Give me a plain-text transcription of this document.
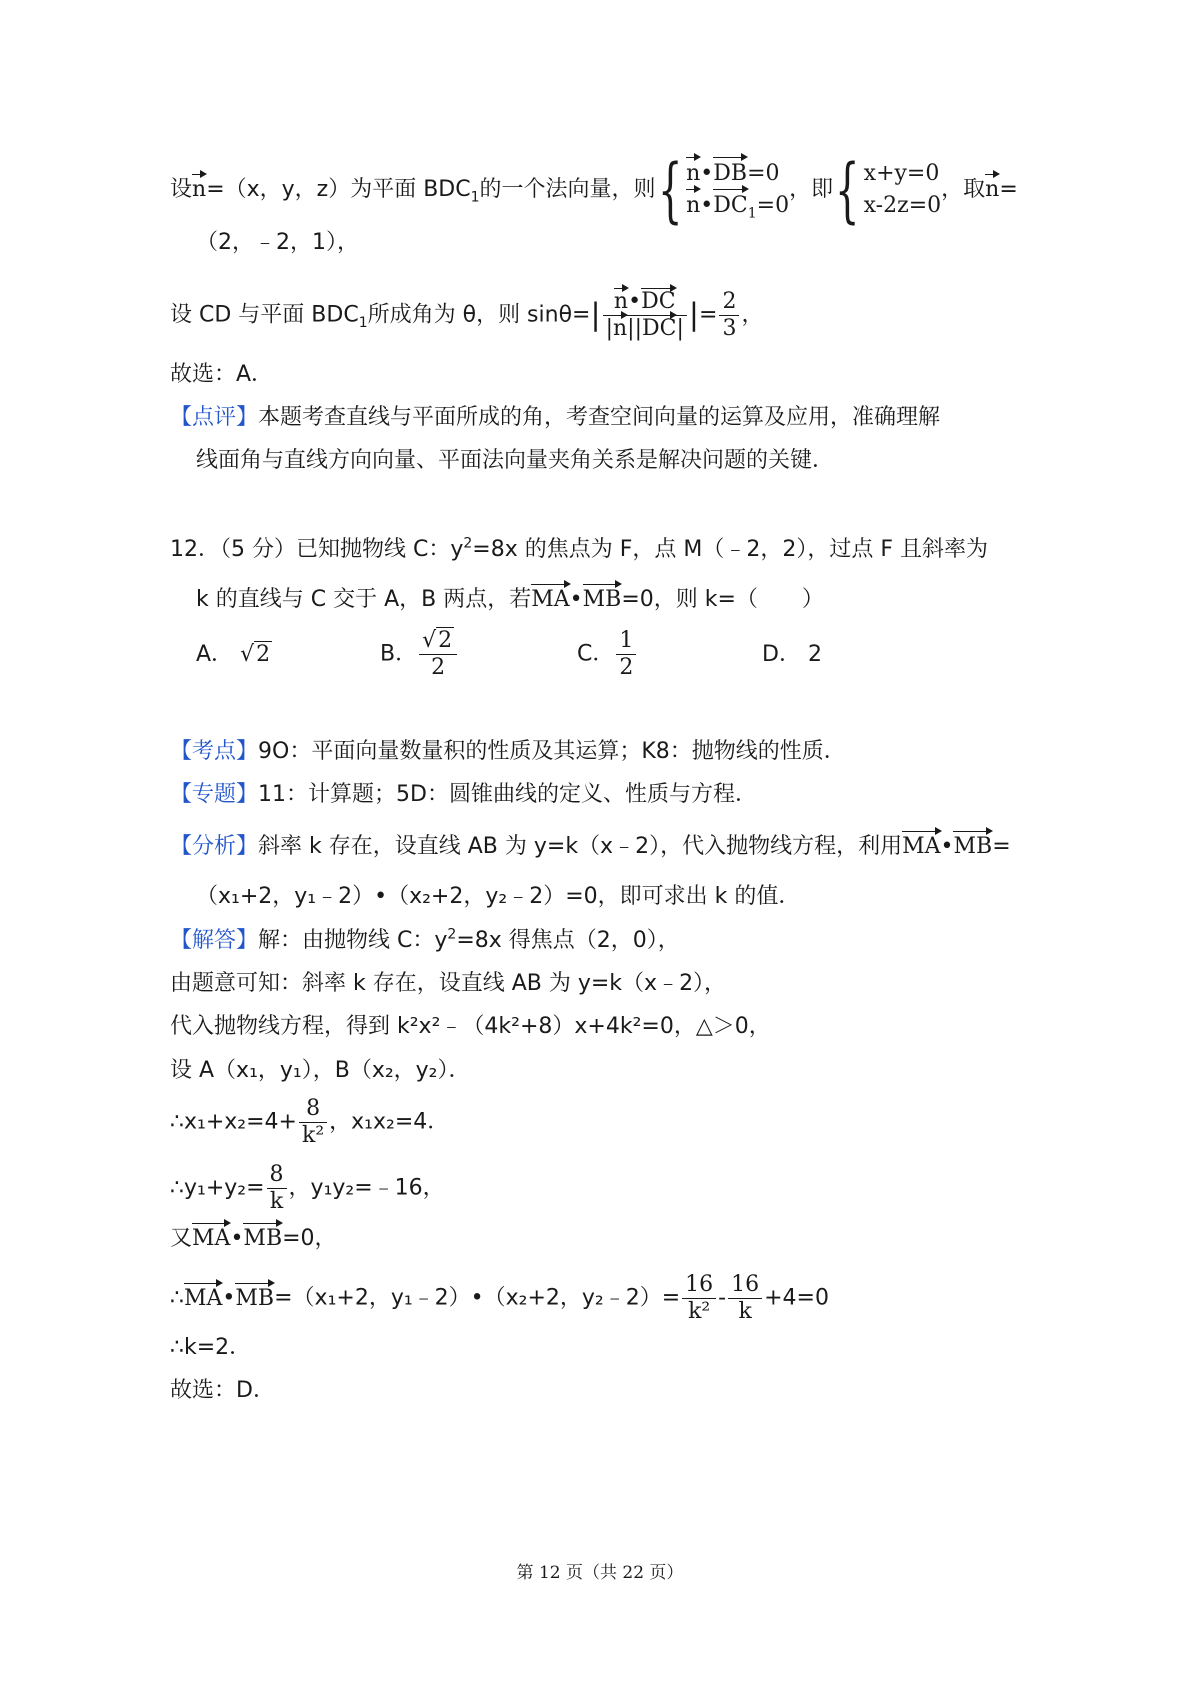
设n=（x，y，z）为平面 $BDC_1$的一个法向量，则{ n•DB=0
$n•DC_1=0$
，即{ x+y=0
x-2z=0
，取n=
（2，﹣2，1），
设 CD 与平面 $BDC_1$所成角为 θ，则 $\sin\theta=| \frac{n•DC}{|n||DC|}$ |= $\frac{2}{3}$ ，
故选：A．
【点评】本题考查直线与平面所成的角，考查空间向量的运算及应用，准确理解
线面角与直线方向向量、平面法向量夹角关系是解决问题的关键．
12．（5 分）已知抛物线 C：$y^2=8x$ 的焦点为 F，点 M（﹣2，2），过点 F 且斜率为
k 的直线与 C 交于 A，B 两点，若MA•MB=0，则 k=（　　）
A． √2	B． $\frac{√2}{2}$	C． $\frac{1}{2}$	D． 2
【考点】9O：平面向量数量积的性质及其运算；K8：抛物线的性质．
【专题】11：计算题；5D：圆锥曲线的定义、性质与方程．
【分析】斜率 k 存在，设直线 AB 为 y=k（x﹣2），代入抛物线方程，利用MA•MB=
（x₁+2，y₁﹣2）•（x₂+2，y₂﹣2）=0，即可求出 k 的值．
【解答】解：由抛物线 C：$y^2=8x$ 得焦点（2，0），
由题意可知：斜率 k 存在，设直线 AB 为 y=k（x﹣2），
代入抛物线方程，得到 k²x²﹣（4k²+8）x+4k²=0，△＞0，
设 A（x₁，y₁），B（x₂，y₂）．
∴x₁+x₂=4+ $\frac{8}{\text{k²}}$ ，x₁x₂=4．
∴y₁+y₂= $\frac{8}{k}$ ，y₁y₂=﹣16，
又MA•MB=0，
∴MA•MB=（x₁+2，y₁﹣2）•（x₂+2，y₂﹣2）= $\frac{16}{\text{k²}} - \frac{16}{k} +4=0$
∴k=2．
故选：D．
第 12 页（共 22 页）
